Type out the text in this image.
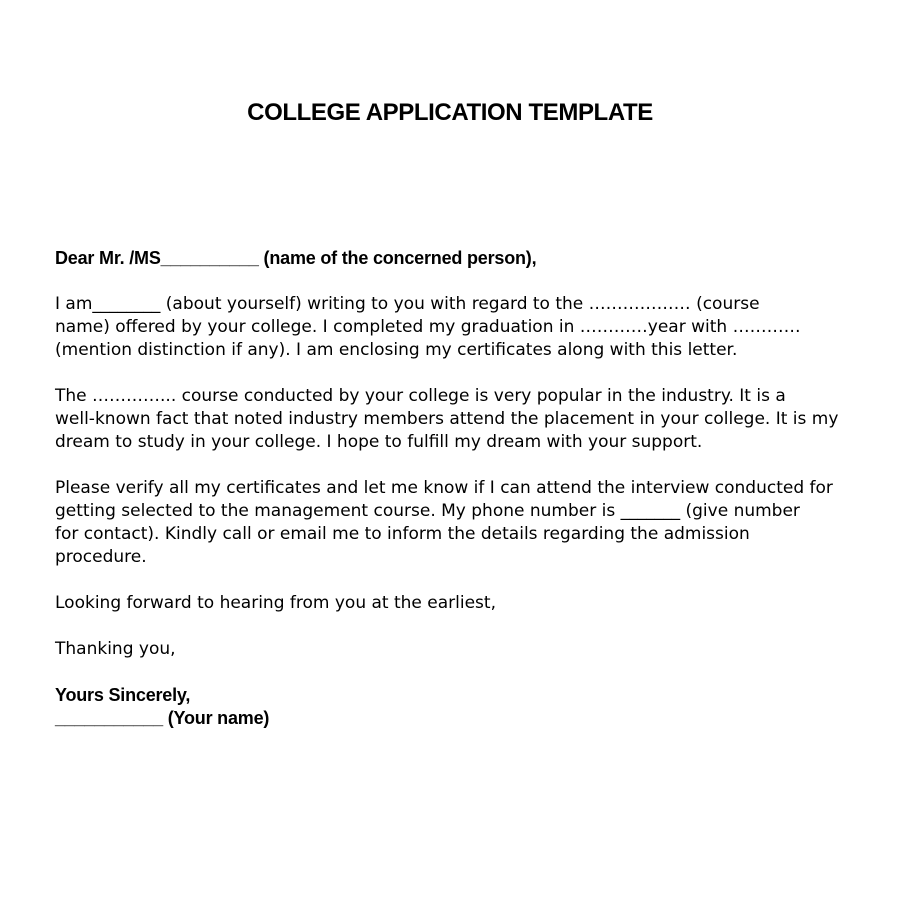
COLLEGE APPLICATION TEMPLATE

Dear Mr. /MS__________ (name of the concerned person),

I am________ (about yourself) writing to you with regard to the ……………… (course

name) offered by your college. I completed my graduation in …………year with …………

(mention distinction if any). I am enclosing my certificates along with this letter.

The …………... course conducted by your college is very popular in the industry. It is a

well-known fact that noted industry members attend the placement in your college. It is my

dream to study in your college. I hope to fulfill my dream with your support.

Please verify all my certificates and let me know if I can attend the interview conducted for

getting selected to the management course. My phone number is _______ (give number

for contact). Kindly call or email me to inform the details regarding the admission

procedure.

Looking forward to hearing from you at the earliest,

Thanking you,

Yours Sincerely,

___________ (Your name)
